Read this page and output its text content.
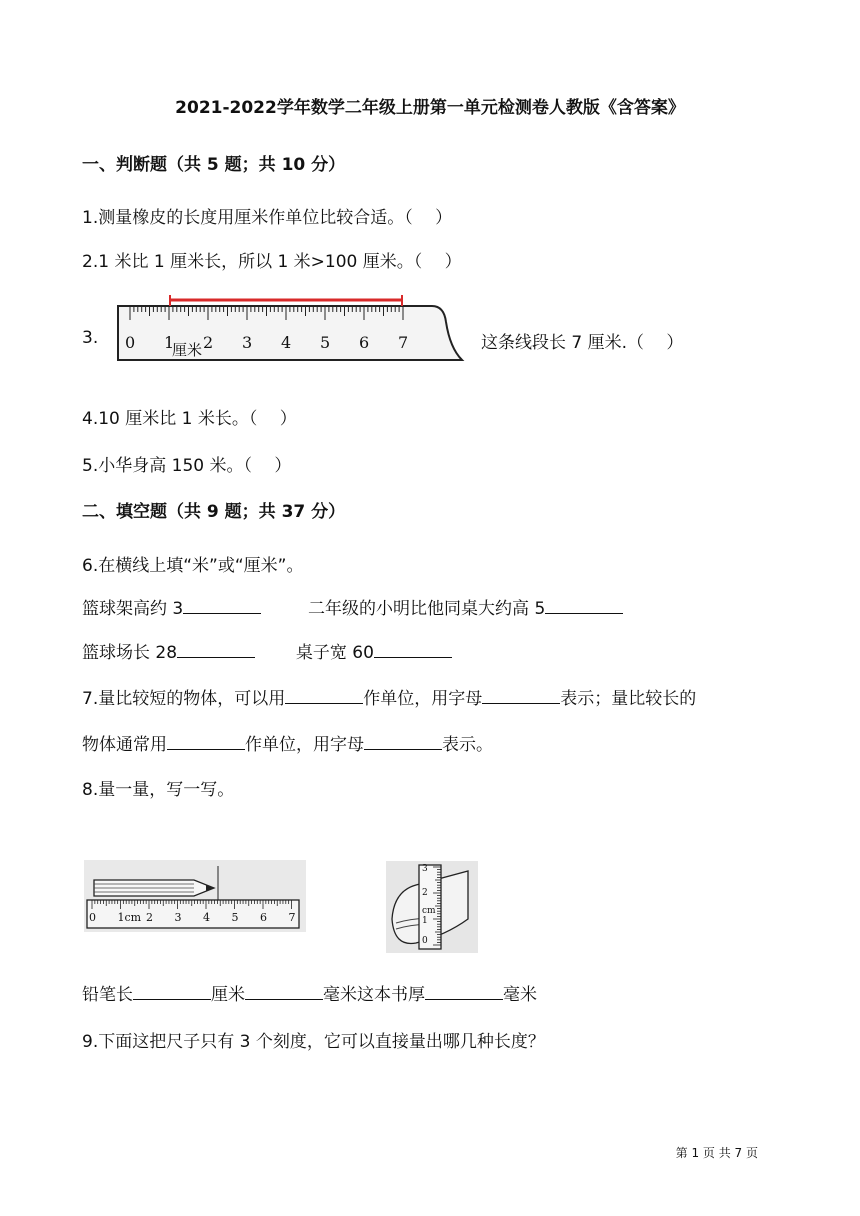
2021-2022学年数学二年级上册第一单元检测卷人教版《含答案》
一、判断题（共 5 题；共 10 分）
1.测量橡皮的长度用厘米作单位比较合适。（　 ）
2.1 米比 1 厘米长，所以 1 米>100 厘米。（　 ）
3. 0 1 2 3 4 5 6 7
厘米	这条线段长 7 厘米.（　 ）
4.10 厘米比 1 米长。（　 ）
5.小华身高 150 米。（　 ）
二、填空题（共 9 题；共 37 分）
6.在横线上填“米”或“厘米”。
篮球架高约 3	二年级的小明比他同桌大约高 5
篮球场长 28	桌子宽 60
7.量比较短的物体，可以用	作单位，用字母	表示；量比较长的
物体通常用	作单位，用字母	表示。
8.量一量，写一写。
0 1cm 2 3 4 5 6 7
0
1
cm
2
3
铅笔长	厘米	毫米这本书厚	毫米
9.下面这把尺子只有 3 个刻度，它可以直接量出哪几种长度？
第 1 页 共 7 页
